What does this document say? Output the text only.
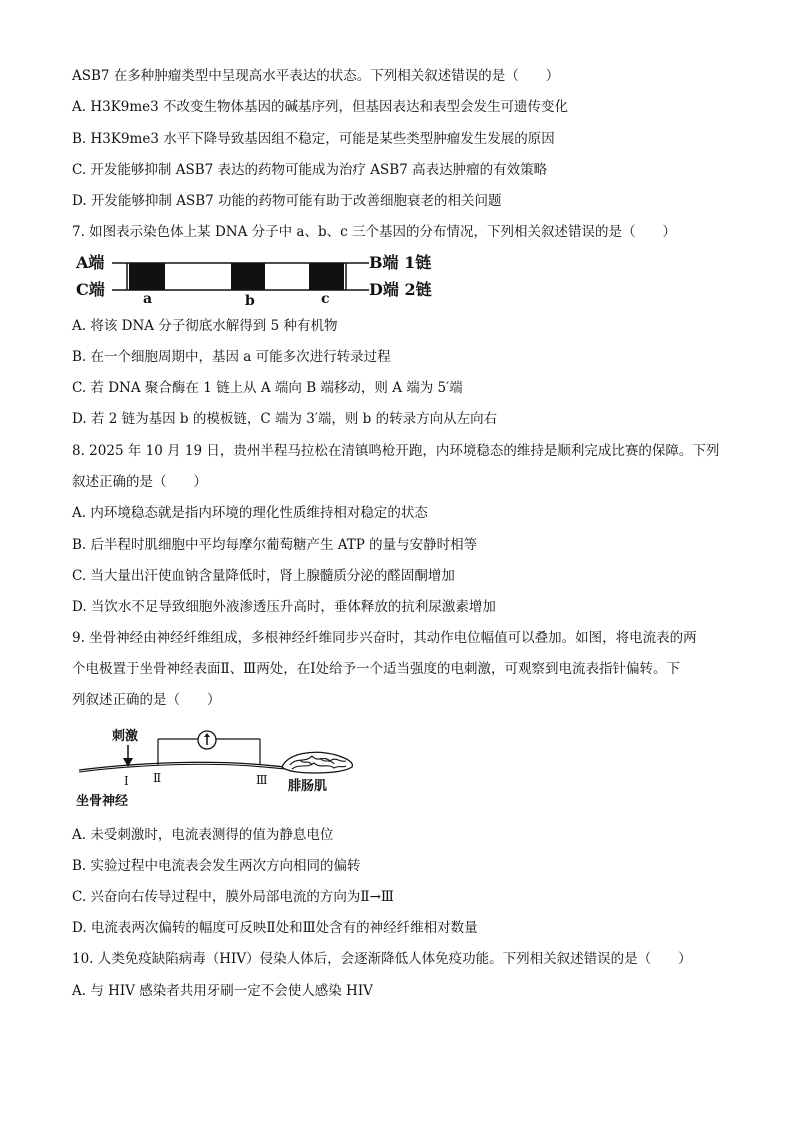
ASB7 在多种肿瘤类型中呈现高水平表达的状态。下列相关叙述错误的是（　　）
A. H3K9me3 不改变生物体基因的碱基序列，但基因表达和表型会发生可遗传变化
B. H3K9me3 水平下降导致基因组不稳定，可能是某些类型肿瘤发生发展的原因
C. 开发能够抑制 ASB7 表达的药物可能成为治疗 ASB7 高表达肿瘤的有效策略
D. 开发能够抑制 ASB7 功能的药物可能有助于改善细胞衰老的相关问题
7. 如图表示染色体上某 DNA 分子中 a、b、c 三个基因的分布情况，下列相关叙述错误的是（　　）
A端
C端	a	b	c
B端 1链
D端 2链
A. 将该 DNA 分子彻底水解得到 5 种有机物
B. 在一个细胞周期中，基因 a 可能多次进行转录过程
C. 若 DNA 聚合酶在 1 链上从 A 端向 B 端移动，则 A 端为 5′端
D. 若 2 链为基因 b 的模板链，C 端为 3′端，则 b 的转录方向从左向右
8. 2025 年 10 月 19 日，贵州半程马拉松在清镇鸣枪开跑，内环境稳态的维持是顺利完成比赛的保障。下列
叙述正确的是（　　）
A. 内环境稳态就是指内环境的理化性质维持相对稳定的状态
B. 后半程时肌细胞中平均每摩尔葡萄糖产生 ATP 的量与安静时相等
C. 当大量出汗使血钠含量降低时，肾上腺髓质分泌的醛固酮增加
D. 当饮水不足导致细胞外液渗透压升高时，垂体释放的抗利尿激素增加
9. 坐骨神经由神经纤维组成，多根神经纤维同步兴奋时，其动作电位幅值可以叠加。如图，将电流表的两
个电极置于坐骨神经表面Ⅱ、Ⅲ两处，在Ⅰ处给予一个适当强度的电刺激，可观察到电流表指针偏转。下
列叙述正确的是（　　）
刺激
Ⅰ Ⅱ	Ⅲ 腓肠肌
坐骨神经
A. 未受刺激时，电流表测得的值为静息电位
B. 实验过程中电流表会发生两次方向相同的偏转
C. 兴奋向右传导过程中，膜外局部电流的方向为Ⅱ→Ⅲ
D. 电流表两次偏转的幅度可反映Ⅱ处和Ⅲ处含有的神经纤维相对数量
10. 人类免疫缺陷病毒（HIV）侵染人体后，会逐渐降低人体免疫功能。下列相关叙述错误的是（　　）
A. 与 HIV 感染者共用牙刷一定不会使人感染 HIV
